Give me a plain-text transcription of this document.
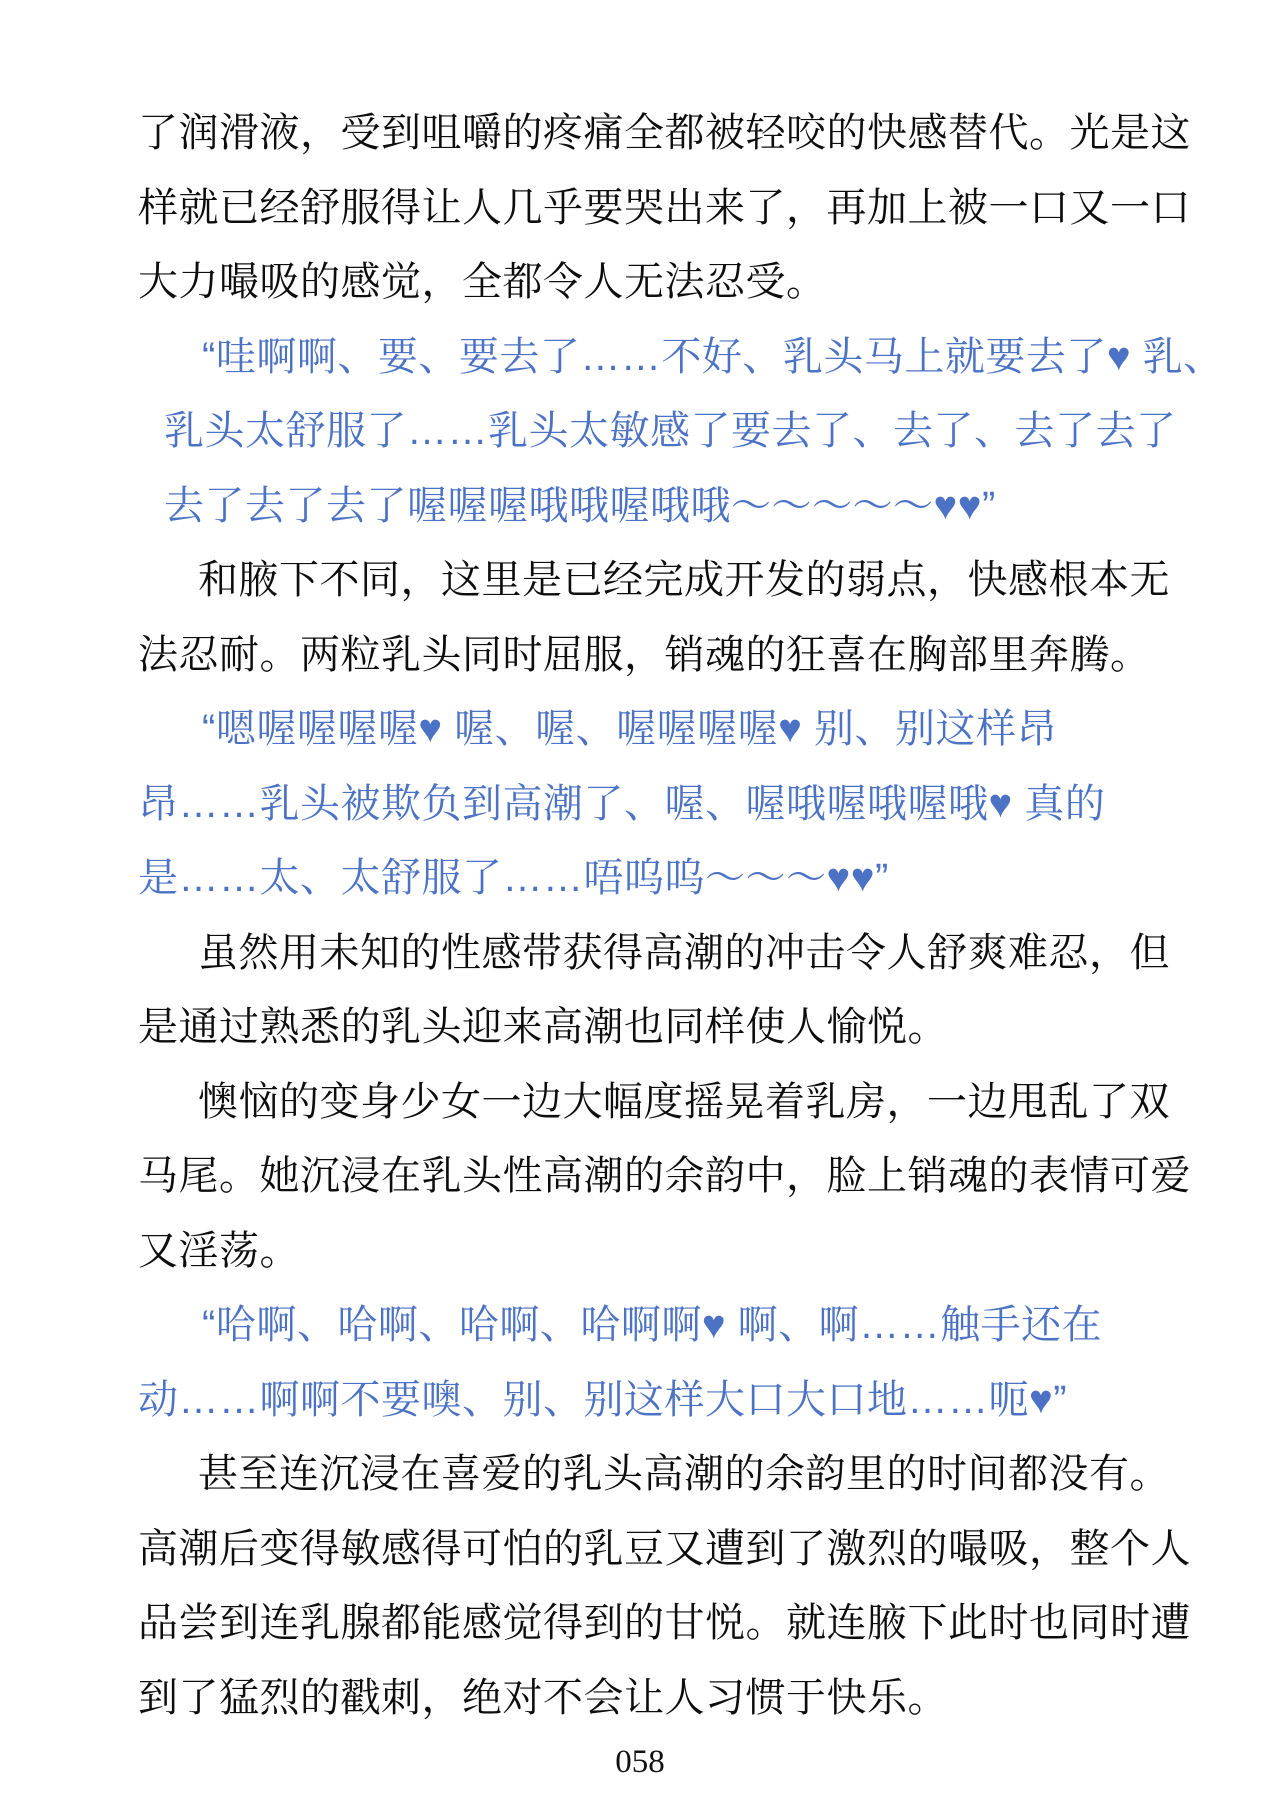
了润滑液，受到咀嚼的疼痛全都被轻咬的快感替代。光是这
样就已经舒服得让人几乎要哭出来了，再加上被一口又一口
大力嘬吸的感觉，全都令人无法忍受。
“哇啊啊、要、要去了……不好、乳头马上就要去了♥ 乳、
乳头太舒服了……乳头太敏感了要去了、去了、去了去了
去了去了去了喔喔喔哦哦喔哦哦～～～～～♥♥”
和腋下不同，这里是已经完成开发的弱点，快感根本无
法忍耐。两粒乳头同时屈服，销魂的狂喜在胸部里奔腾。
“嗯喔喔喔喔♥ 喔、喔、喔喔喔喔♥ 别、别这样昂
昂……乳头被欺负到高潮了、喔、喔哦喔哦喔哦♥ 真的
是……太、太舒服了……唔呜呜～～～♥♥”
虽然用未知的性感带获得高潮的冲击令人舒爽难忍，但
是通过熟悉的乳头迎来高潮也同样使人愉悦。
懊恼的变身少女一边大幅度摇晃着乳房，一边甩乱了双
马尾。她沉浸在乳头性高潮的余韵中，脸上销魂的表情可爱
又淫荡。
“哈啊、哈啊、哈啊、哈啊啊♥ 啊、啊……触手还在
动……啊啊不要噢、别、别这样大口大口地……呃♥”
甚至连沉浸在喜爱的乳头高潮的余韵里的时间都没有。
高潮后变得敏感得可怕的乳豆又遭到了激烈的嘬吸，整个人
品尝到连乳腺都能感觉得到的甘悦。就连腋下此时也同时遭
到了猛烈的戳刺，绝对不会让人习惯于快乐。
058
